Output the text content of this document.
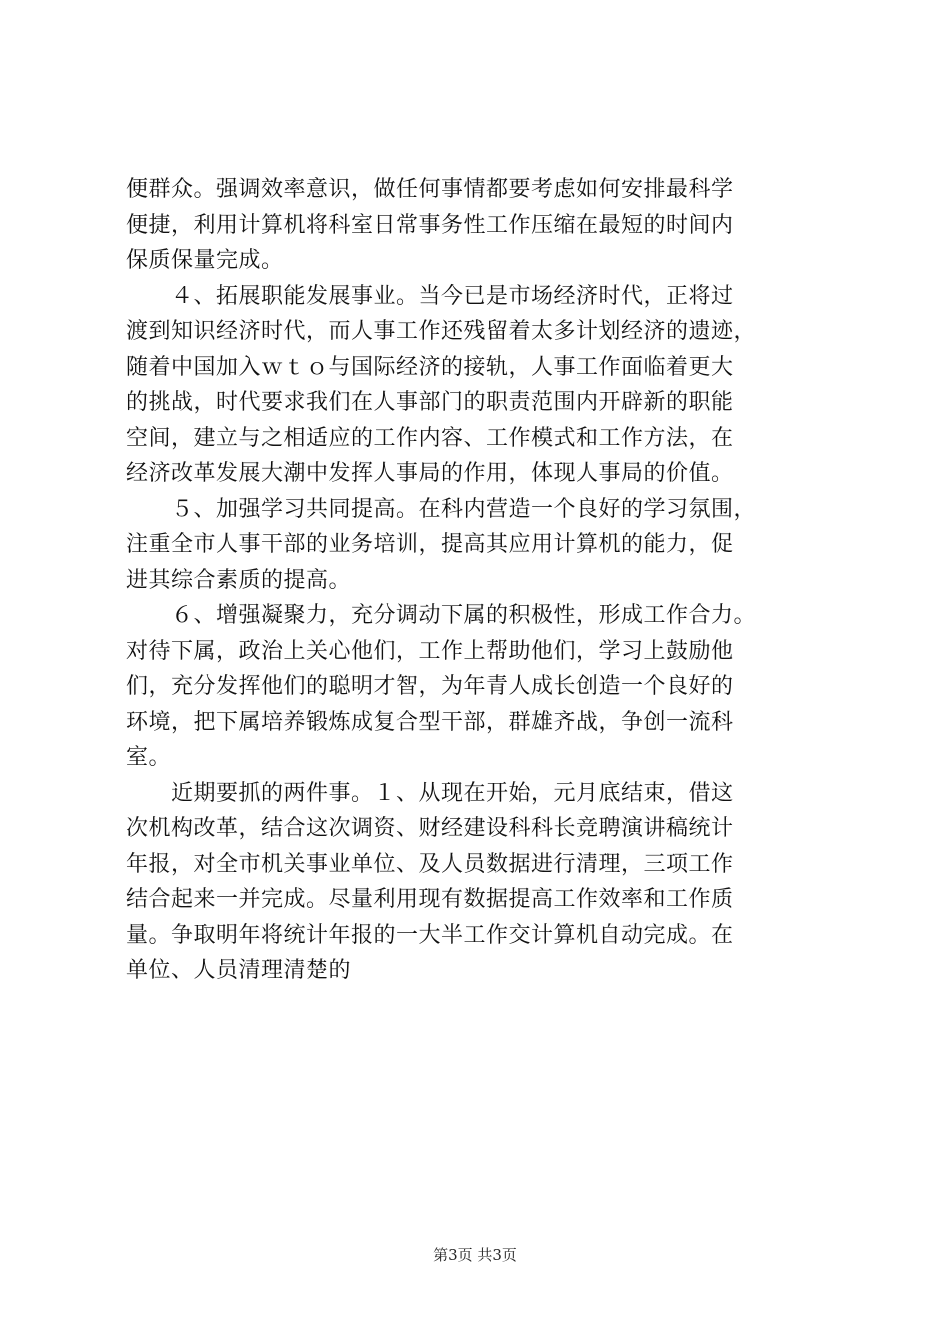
便群众。强调效率意识，做任何事情都要考虑如何安排最科学
便捷，利用计算机将科室日常事务性工作压缩在最短的时间内
保质保量完成。
　　４、拓展职能发展事业。当今已是市场经济时代，正将过
渡到知识经济时代，而人事工作还残留着太多计划经济的遗迹，
随着中国加入ｗｔｏ与国际经济的接轨，人事工作面临着更大
的挑战，时代要求我们在人事部门的职责范围内开辟新的职能
空间，建立与之相适应的工作内容、工作模式和工作方法，在
经济改革发展大潮中发挥人事局的作用，体现人事局的价值。
　　５、加强学习共同提高。在科内营造一个良好的学习氛围，
注重全市人事干部的业务培训，提高其应用计算机的能力，促
进其综合素质的提高。
　　６、增强凝聚力，充分调动下属的积极性，形成工作合力。
对待下属，政治上关心他们，工作上帮助他们，学习上鼓励他
们，充分发挥他们的聪明才智，为年青人成长创造一个良好的
环境，把下属培养锻炼成复合型干部，群雄齐战，争创一流科
室。
　　近期要抓的两件事。１、从现在开始，元月底结束，借这
次机构改革，结合这次调资、财经建设科科长竞聘演讲稿统计
年报，对全市机关事业单位、及人员数据进行清理，三项工作
结合起来一并完成。尽量利用现有数据提高工作效率和工作质
量。争取明年将统计年报的一大半工作交计算机自动完成。在
单位、人员清理清楚的
第3页 共3页
